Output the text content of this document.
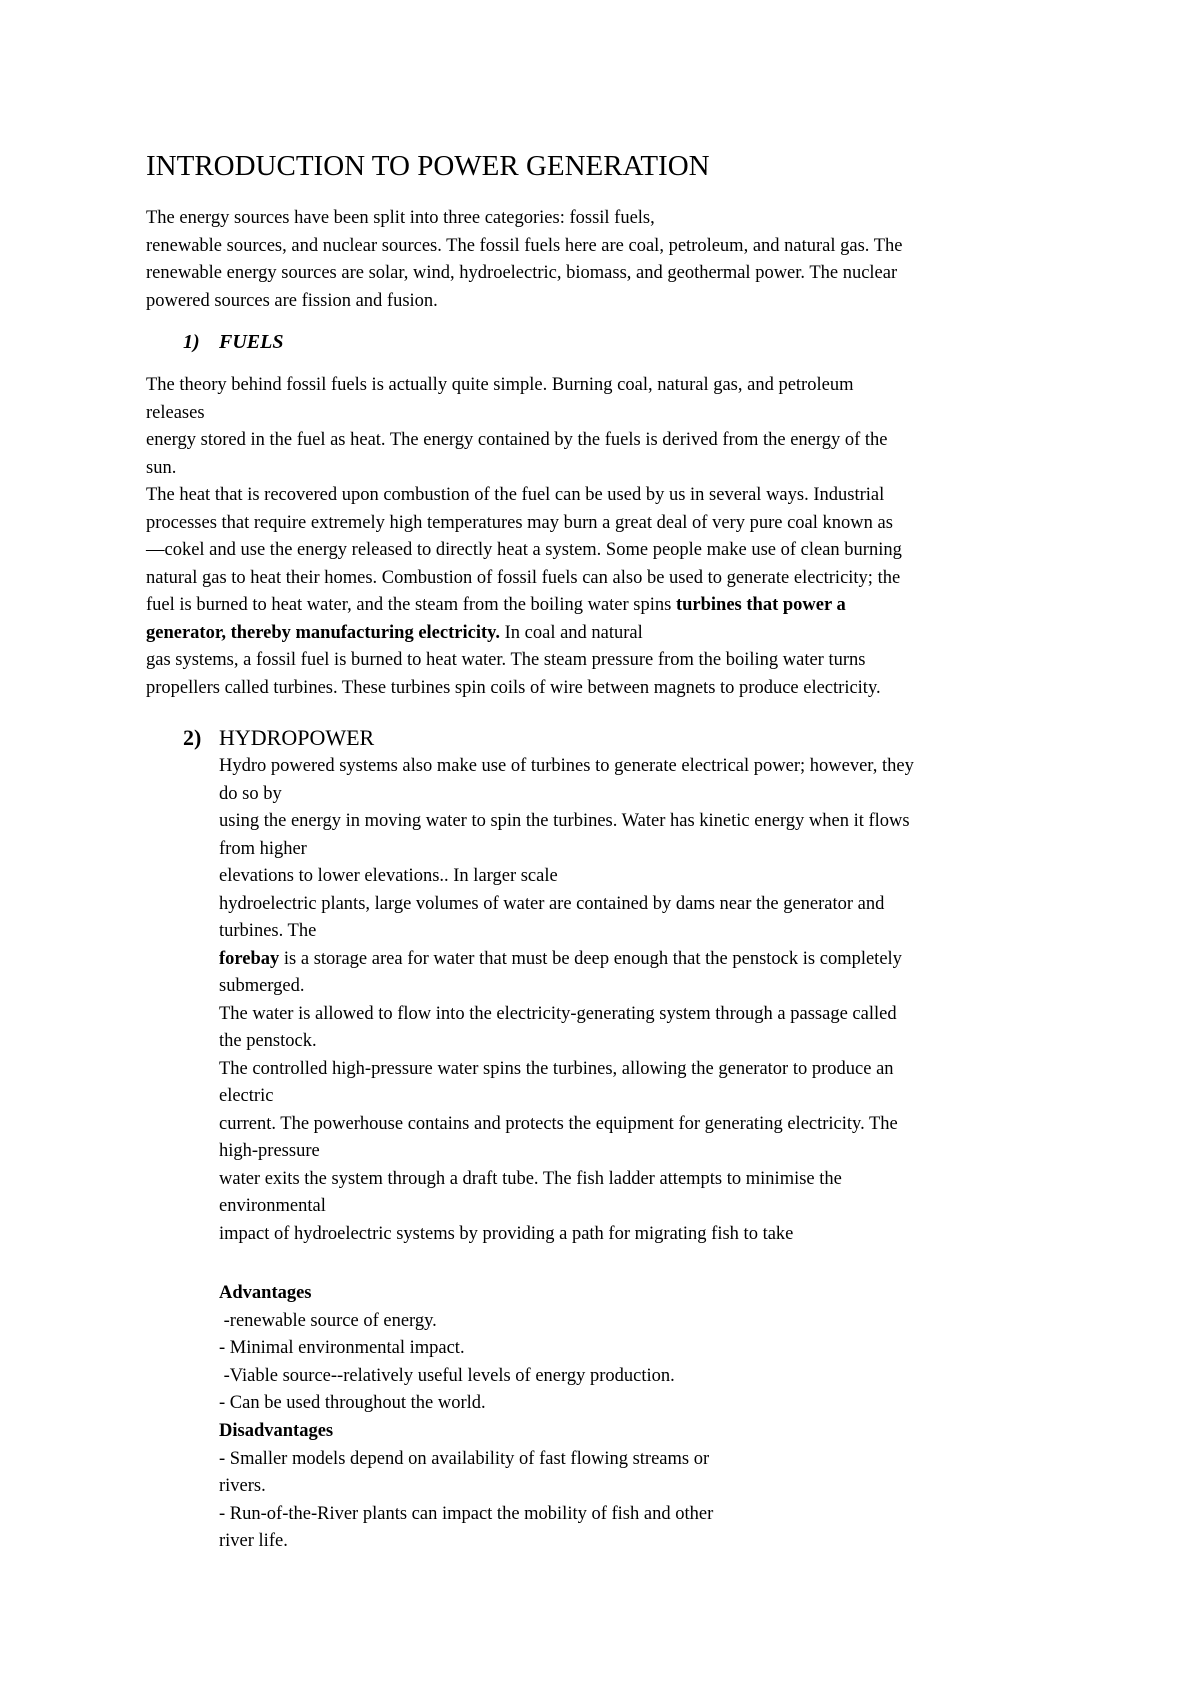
INTRODUCTION TO POWER GENERATION
The energy sources have been split into three categories: fossil fuels,
renewable sources, and nuclear sources. The fossil fuels here are coal, petroleum, and natural gas. The
renewable energy sources are solar, wind, hydroelectric, biomass, and geothermal power. The nuclear
powered sources are fission and fusion.
1) FUELS
The theory behind fossil fuels is actually quite simple. Burning coal, natural gas, and petroleum
releases
energy stored in the fuel as heat. The energy contained by the fuels is derived from the energy of the
sun.
The heat that is recovered upon combustion of the fuel can be used by us in several ways. Industrial
processes that require extremely high temperatures may burn a great deal of very pure coal known as
—cokel and use the energy released to directly heat a system. Some people make use of clean burning
natural gas to heat their homes. Combustion of fossil fuels can also be used to generate electricity; the
fuel is burned to heat water, and the steam from the boiling water spins turbines that power a
generator, thereby manufacturing electricity. In coal and natural
gas systems, a fossil fuel is burned to heat water. The steam pressure from the boiling water turns
propellers called turbines. These turbines spin coils of wire between magnets to produce electricity.
2) HYDROPOWER
Hydro powered systems also make use of turbines to generate electrical power; however, they
do so by
using the energy in moving water to spin the turbines. Water has kinetic energy when it flows
from higher
elevations to lower elevations.. In larger scale
hydroelectric plants, large volumes of water are contained by dams near the generator and
turbines. The
forebay is a storage area for water that must be deep enough that the penstock is completely
submerged.
The water is allowed to flow into the electricity-generating system through a passage called
the penstock.
The controlled high-pressure water spins the turbines, allowing the generator to produce an
electric
current. The powerhouse contains and protects the equipment for generating electricity. The
high-pressure
water exits the system through a draft tube. The fish ladder attempts to minimise the
environmental
impact of hydroelectric systems by providing a path for migrating fish to take
Advantages
-renewable source of energy.
- Minimal environmental impact.
-Viable source--relatively useful levels of energy production.
- Can be used throughout the world.
Disadvantages
- Smaller models depend on availability of fast flowing streams or
rivers.
- Run-of-the-River plants can impact the mobility of fish and other
river life.
